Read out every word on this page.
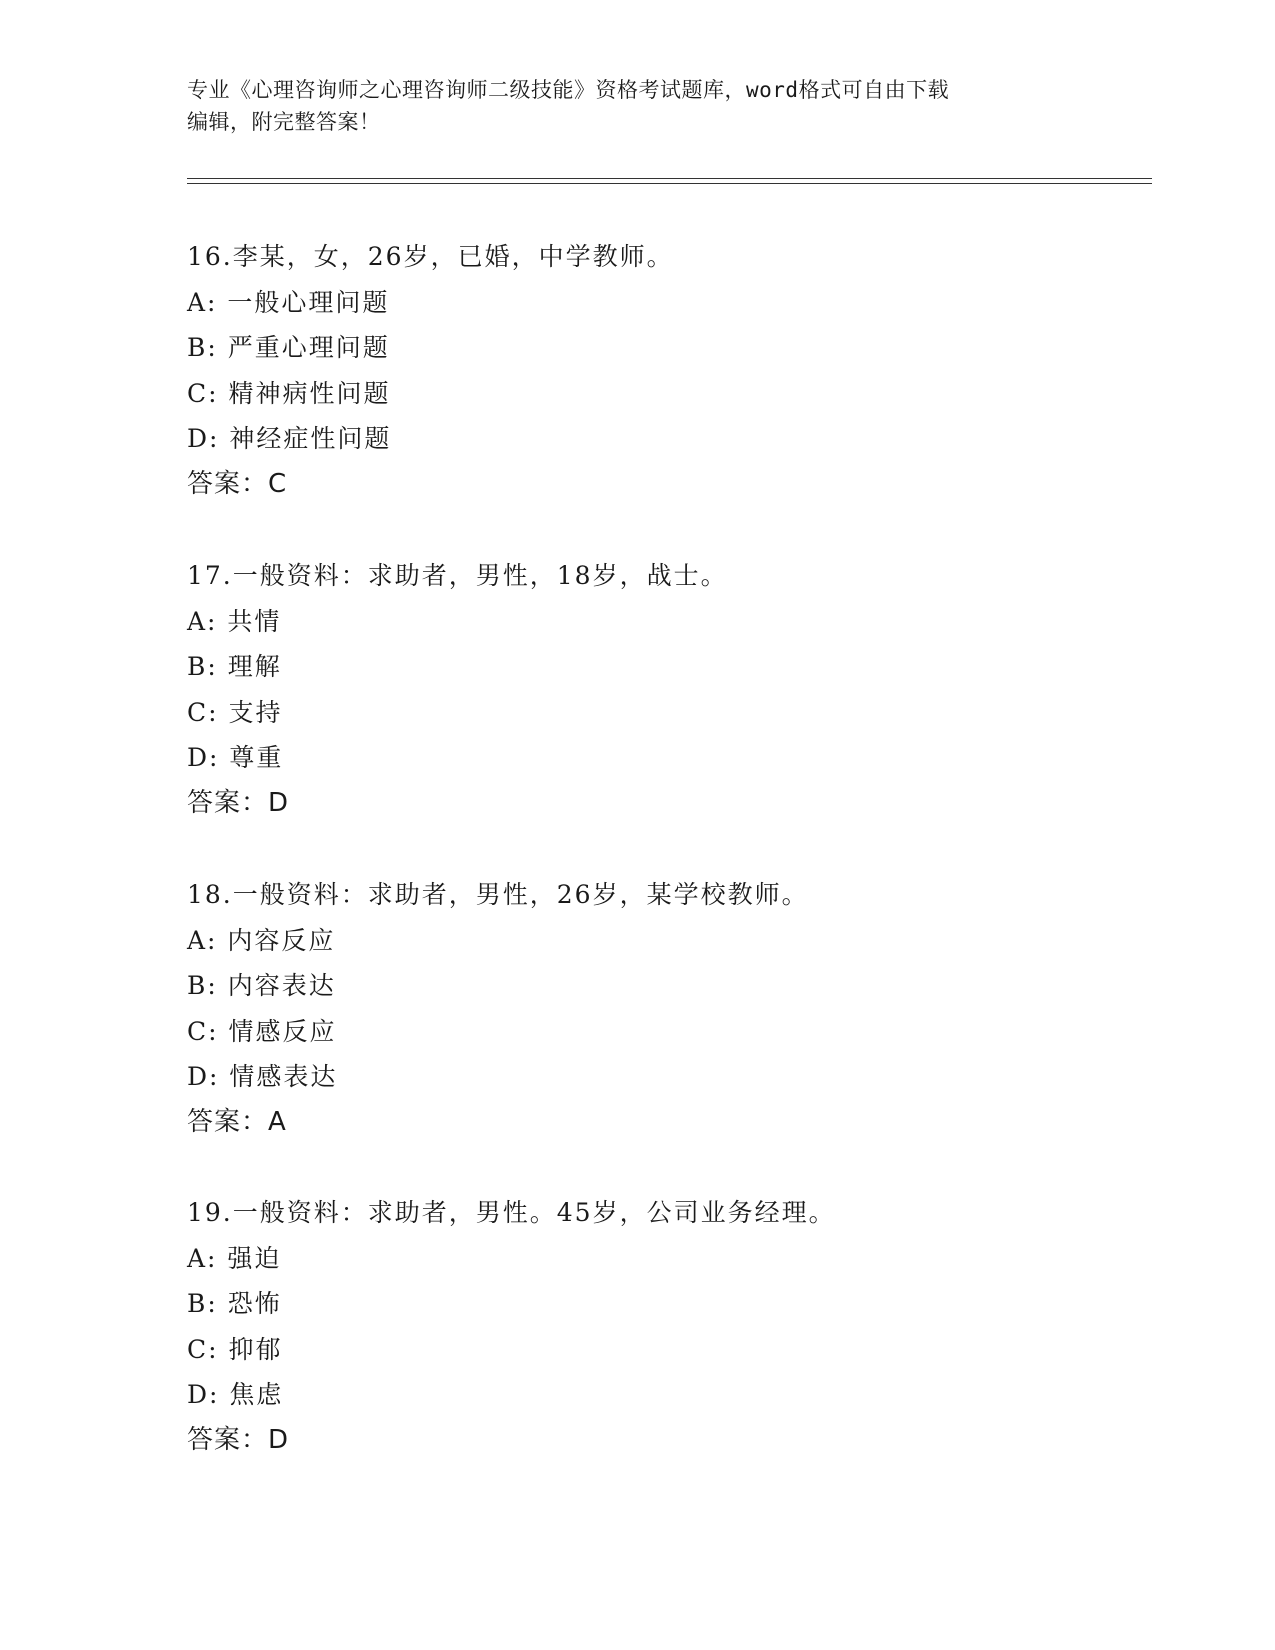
专业《心理咨询师之心理咨询师二级技能》资格考试题库，word格式可自由下载
编辑，附完整答案！
16.李某，女，26岁，已婚，中学教师。
A: 一般心理问题
B: 严重心理问题
C: 精神病性问题
D: 神经症性问题
答案：C
17.一般资料：求助者，男性，18岁，战士。
A: 共情
B: 理解
C: 支持
D: 尊重
答案：D
18.一般资料：求助者，男性，26岁，某学校教师。
A: 内容反应
B: 内容表达
C: 情感反应
D: 情感表达
答案：A
19.一般资料：求助者，男性。45岁，公司业务经理。
A: 强迫
B: 恐怖
C: 抑郁
D: 焦虑
答案：D
